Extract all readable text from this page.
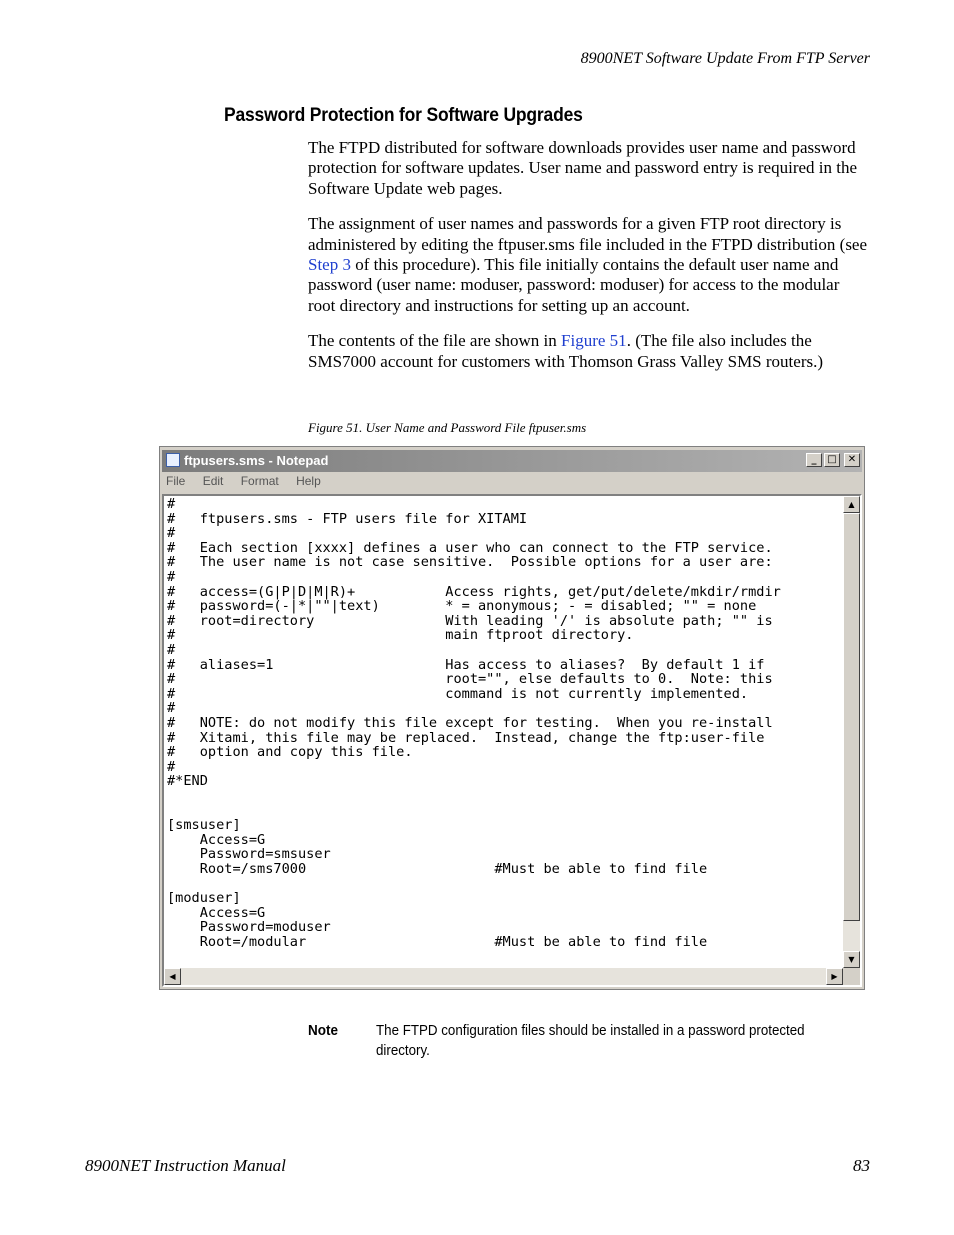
8900NET Software Update From FTP Server
Password Protection for Software Upgrades

The FTPD distributed for software downloads provides user name and password protection for software updates. User name and password entry is required in the Software Update web pages.

The assignment of user names and passwords for a given FTP root directory is administered by editing the ftpuser.sms file included in the FTPD distribution (see Step 3 of this procedure). This file initially contains the default user name and password (user name: moduser, password: moduser) for access to the modular root directory and instructions for setting up an account.

The contents of the file are shown in Figure 51. (The file also includes the SMS7000 account for customers with Thomson Grass Valley SMS routers.)

Figure 51. User Name and Password File ftpuser.sms
ftpusers.sms - Notepad	_	□	✕
File Edit Format Help
#
#   ftpusers.sms - FTP users file for XITAMI
#
#   Each section [xxxx] defines a user who can connect to the FTP service.
#   The user name is not case sensitive.  Possible options for a user are:
#
#   access=(G|P|D|M|R)+           Access rights, get/put/delete/mkdir/rmdir
#   password=(-|*|""|text)        * = anonymous; - = disabled; "" = none
#   root=directory                With leading '/' is absolute path; "" is
#                                 main ftproot directory.
#
#   aliases=1                     Has access to aliases?  By default 1 if
#                                 root="", else defaults to 0.  Note: this
#                                 command is not currently implemented.
#
#   NOTE: do not modify this file except for testing.  When you re-install
#   Xitami, this file may be replaced.  Instead, change the ftp:user-file
#   option and copy this file.
#
#*END

[smsuser]
Access=G
Password=smsuser
Root=/sms7000                       #Must be able to find file

[moduser]
Access=G
Password=moduser
Root=/modular                       #Must be able to find file
▲
▼
◀	▶
Note	The FTPD configuration files should be installed in a password protected directory.
8900NET Instruction Manual	83
